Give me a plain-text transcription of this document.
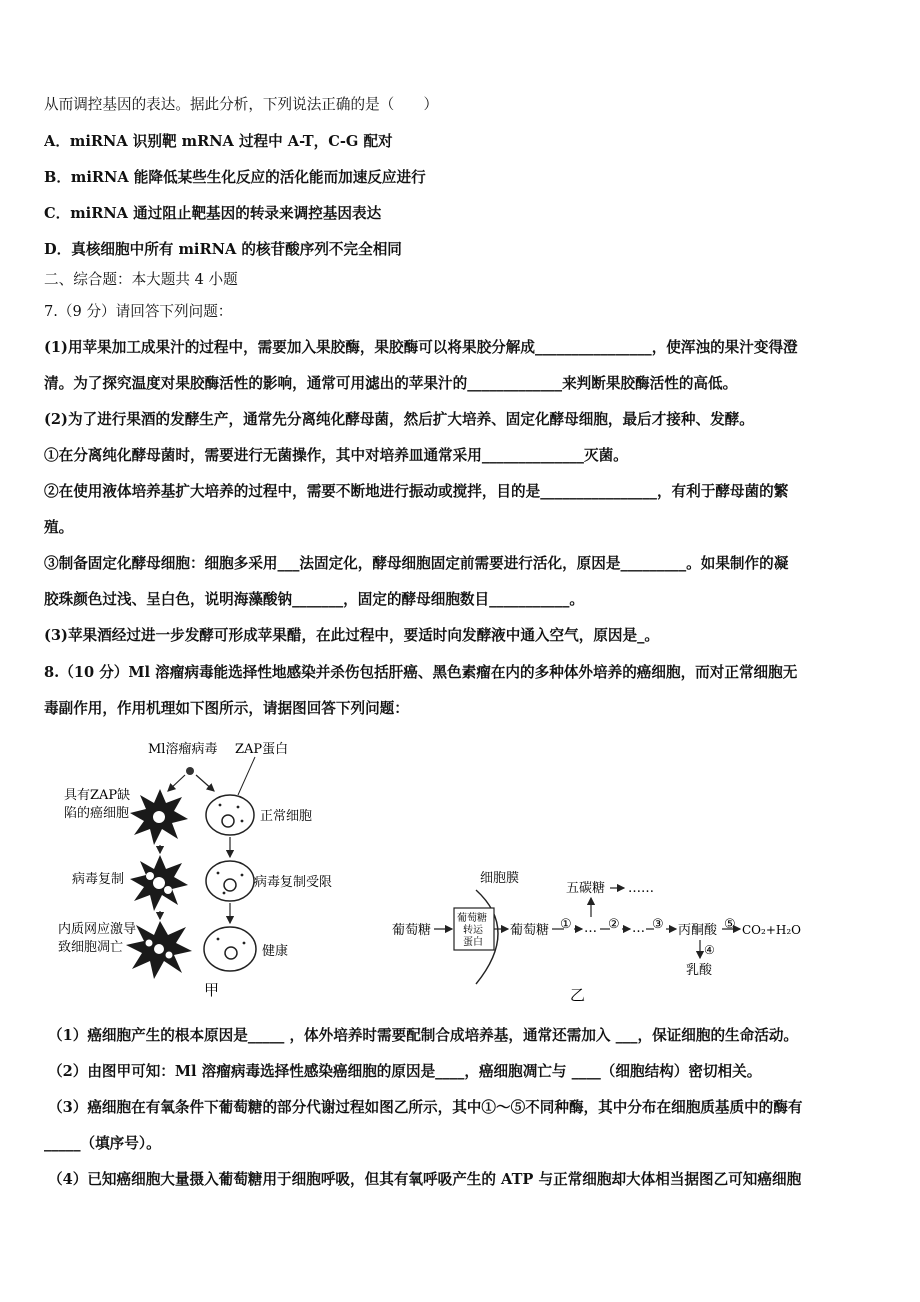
从而调控基因的表达。据此分析，下列说法正确的是（　　）
A．miRNA 识别靶 mRNA 过程中 A-T，C-G 配对
B．miRNA 能降低某些生化反应的活化能而加速反应进行
C．miRNA 通过阻止靶基因的转录来调控基因表达
D．真核细胞中所有 miRNA 的核苷酸序列不完全相同
二、综合题：本大题共 4 小题
7.（9 分）请回答下列问题：
(1)用苹果加工成果汁的过程中，需要加入果胶酶，果胶酶可以将果胶分解成________________，使浑浊的果汁变得澄
清。为了探究温度对果胶酶活性的影响，通常可用滤出的苹果汁的_____________来判断果胶酶活性的高低。
(2)为了进行果酒的发酵生产，通常先分离纯化酵母菌，然后扩大培养、固定化酵母细胞，最后才接种、发酵。
①在分离纯化酵母菌时，需要进行无菌操作，其中对培养皿通常采用______________灭菌。
②在使用液体培养基扩大培养的过程中，需要不断地进行振动或搅拌，目的是________________，有利于酵母菌的繁
殖。
③制备固定化酵母细胞：细胞多采用___法固定化，酵母细胞固定前需要进行活化，原因是_________。如果制作的凝
胶珠颜色过浅、呈白色，说明海藻酸钠_______，固定的酵母细胞数目___________。
(3)苹果酒经过进一步发酵可形成苹果醋，在此过程中，要适时向发酵液中通入空气，原因是_。
8.（10 分）Ml 溶瘤病毒能选择性地感染并杀伤包括肝癌、黑色素瘤在内的多种体外培养的癌细胞，而对正常细胞无
毒副作用，作用机理如下图所示，请据图回答下列问题：
Ml溶瘤病毒 ZAP蛋白
具有ZAP缺
陷的癌细胞
病毒复制
内质网应激导
致细胞凋亡
正常细胞
病毒复制受限
健康
甲
细胞膜
葡萄糖
葡萄糖
转运
蛋白
葡萄糖 ① …
五碳糖 ……
② … ③ 丙酮酸 ⑤ CO₂+H₂O
④
乳酸
乙
（1）癌细胞产生的根本原因是_____ ，体外培养时需要配制合成培养基，通常还需加入 ___，保证细胞的生命活动。
（2）由图甲可知：Ml 溶瘤病毒选择性感染癌细胞的原因是____，癌细胞凋亡与 ____（细胞结构）密切相关。
（3）癌细胞在有氧条件下葡萄糖的部分代谢过程如图乙所示，其中①～⑤不同种酶，其中分布在细胞质基质中的酶有
_____（填序号）。
（4）已知癌细胞大量摄入葡萄糖用于细胞呼吸，但其有氧呼吸产生的 ATP 与正常细胞却大体相当据图乙可知癌细胞
